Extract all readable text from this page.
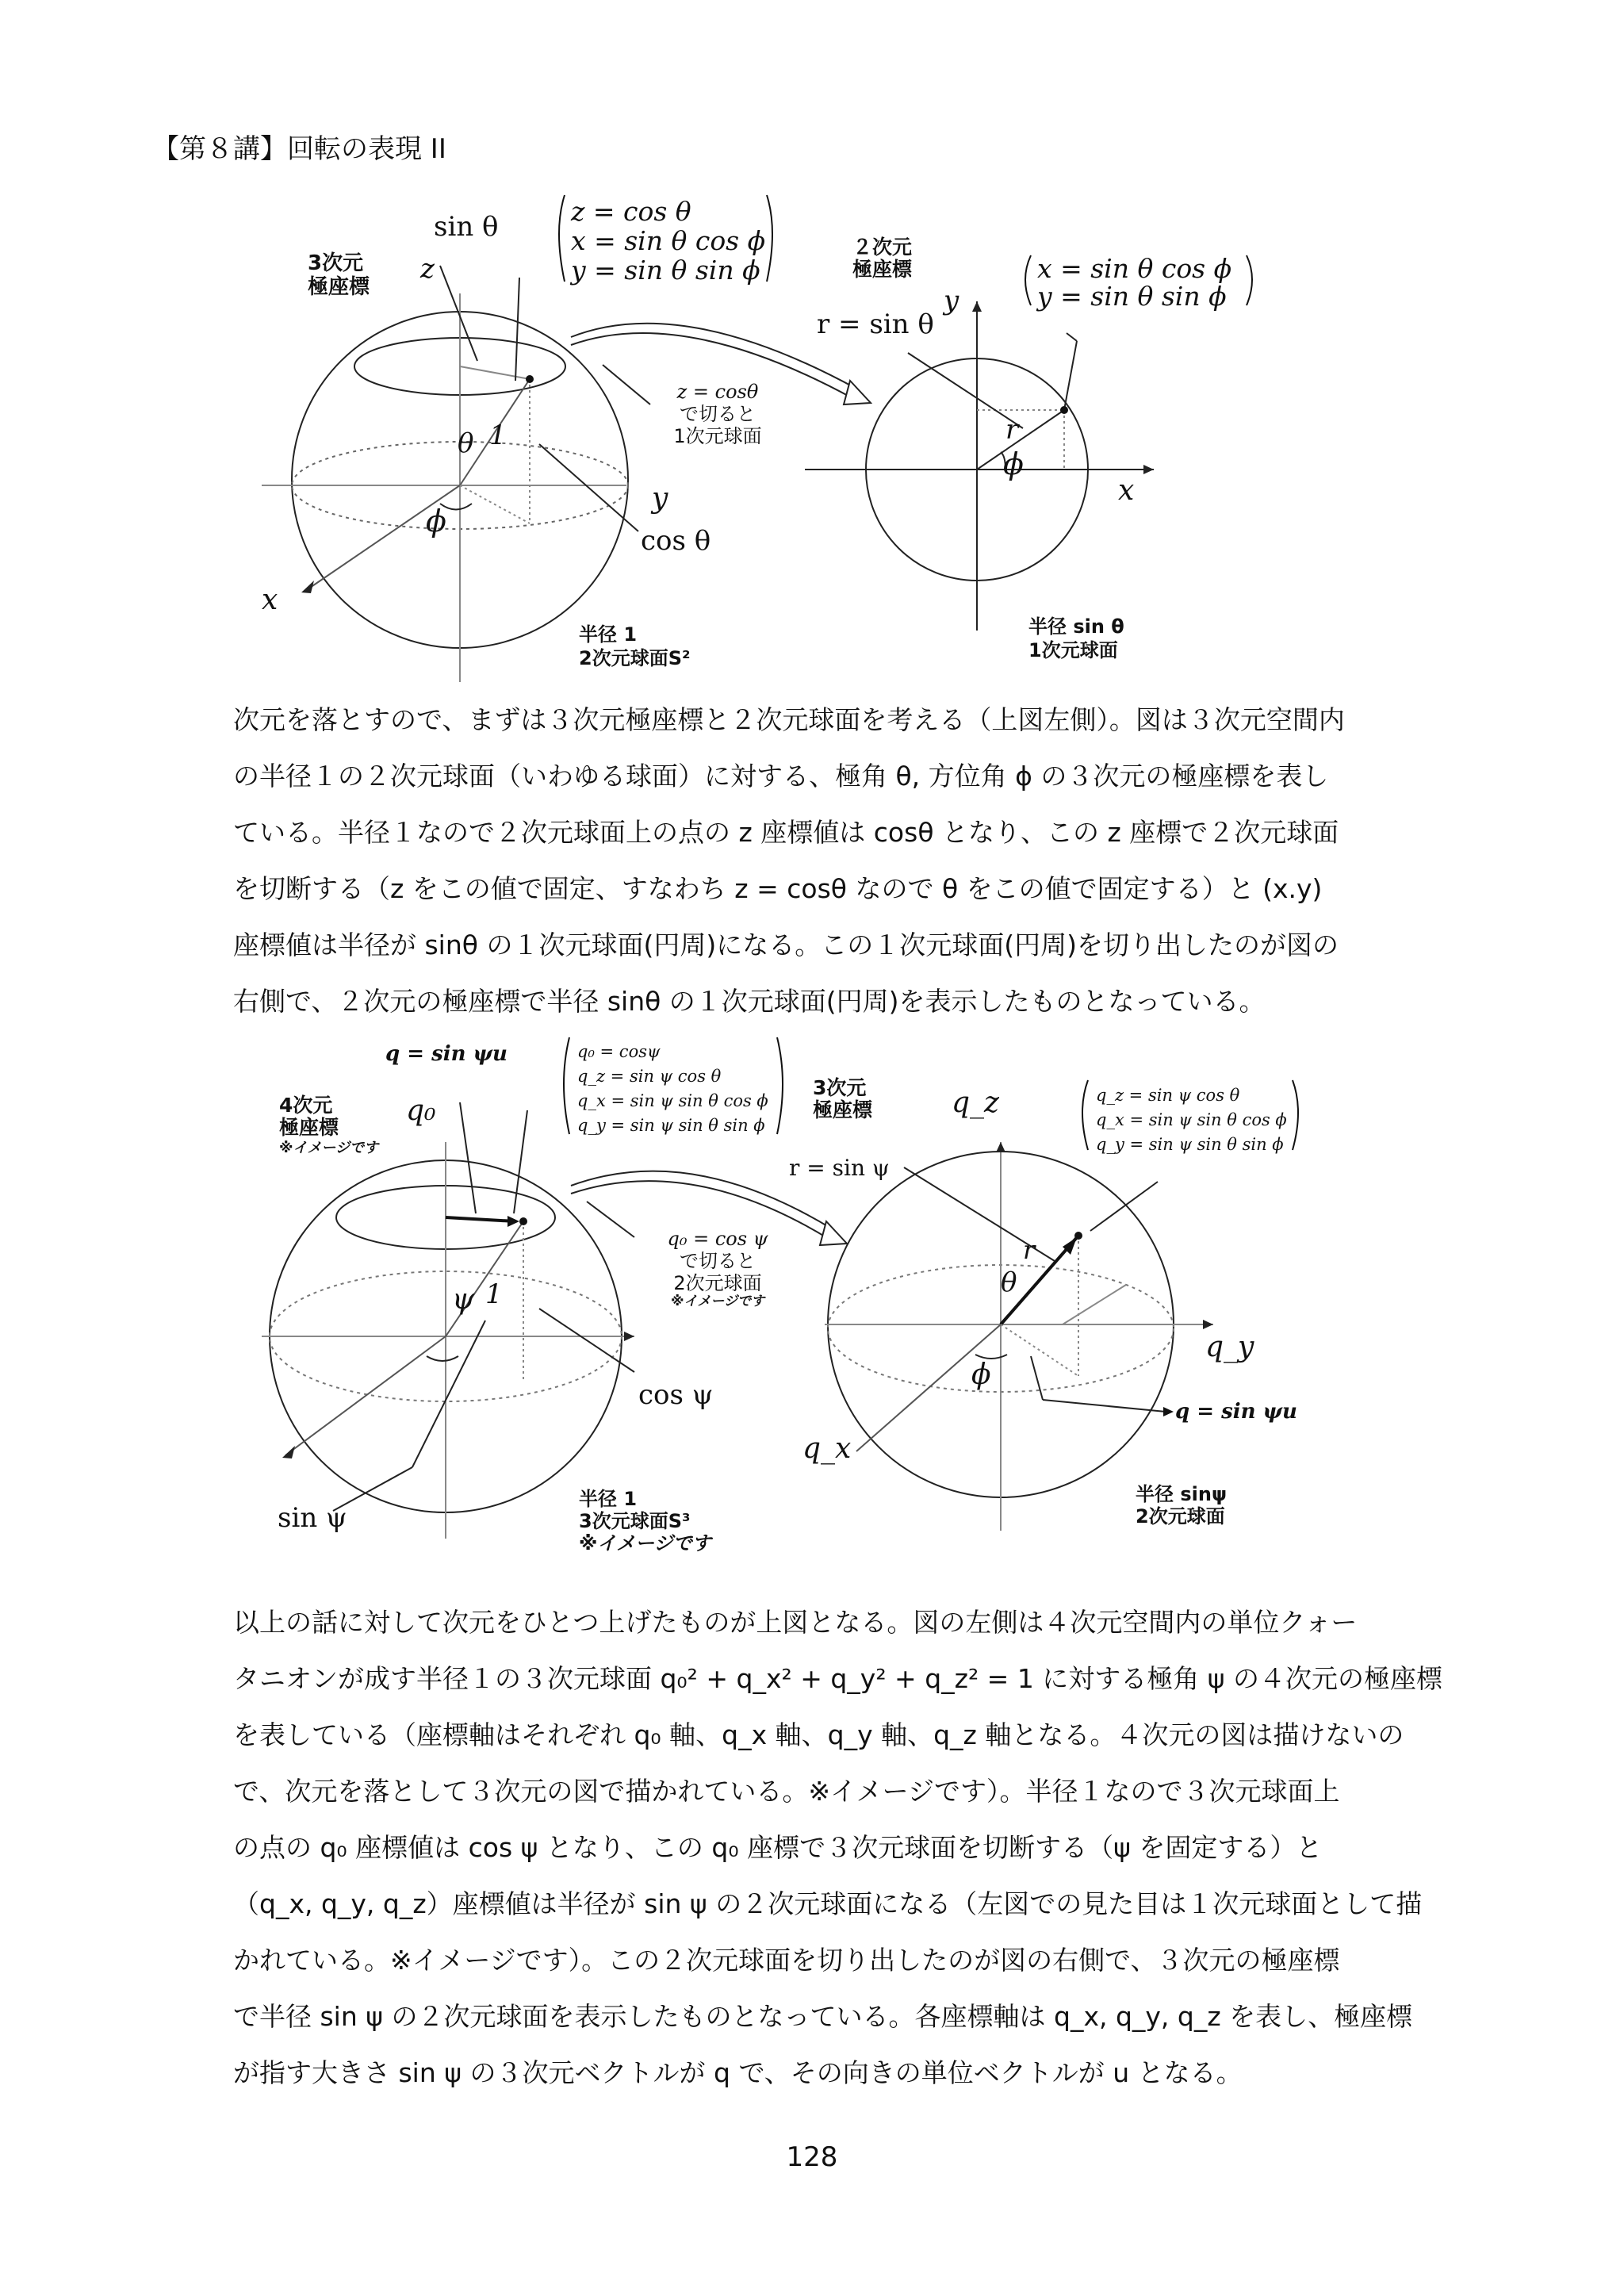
【第８講】回転の表現 II
3次元
極座標
sin θ
z
y
x
θ 1
ϕ
cos θ
z = cos θ
x = sin θ cos ϕ
y = sin θ sin ϕ
z = cosθ
で切ると
1次元球面
半径 1
2次元球面S²
２次元
極座標
y
x
r = sin θ
r
ϕ
x = sin θ cos ϕ
y = sin θ sin ϕ
半径 sin θ
1次元球面

次元を落とすので、まずは３次元極座標と２次元球面を考える（上図左側）。図は３次元空間内

の半径１の２次元球面（いわゆる球面）に対する、極角 θ, 方位角 ϕ の３次元の極座標を表し

ている。半径１なので２次元球面上の点の z 座標値は cosθ となり、この z 座標で２次元球面

を切断する（z をこの値で固定、すなわち z = cosθ なので θ をこの値で固定する）と (x.y)

座標値は半径が sinθ の１次元球面(円周)になる。この１次元球面(円周)を切り出したのが図の

右側で、２次元の極座標で半径 sinθ の１次元球面(円周)を表示したものとなっている。

q = sin ψu
4次元
極座標
※イメージです
q₀
ψ 1
cos ψ
sin ψ
q₀ = cosψ
q_z = sin ψ cos θ
q_x = sin ψ sin θ cos ϕ
q_y = sin ψ sin θ sin ϕ
q₀ = cos ψ
で切ると
2次元球面
※イメージです
半径 1
3次元球面S³
※イメージです
3次元
極座標	q_z
r = sin ψ
r
θ
ϕ
q_y
q_x
q = sin ψu
q_z = sin ψ cos θ
q_x = sin ψ sin θ cos ϕ
q_y = sin ψ sin θ sin ϕ
半径 sinψ
2次元球面

以上の話に対して次元をひとつ上げたものが上図となる。図の左側は４次元空間内の単位クォー

タニオンが成す半径１の３次元球面 q₀² + q_x² + q_y² + q_z² = 1 に対する極角 ψ の４次元の極座標

を表している（座標軸はそれぞれ q₀ 軸、q_x 軸、q_y 軸、q_z 軸となる。４次元の図は描けないの

で、次元を落として３次元の図で描かれている。※イメージです）。半径１なので３次元球面上

の点の q₀ 座標値は cos ψ となり、この q₀ 座標で３次元球面を切断する（ψ を固定する）と

（q_x, q_y, q_z）座標値は半径が sin ψ の２次元球面になる（左図での見た目は１次元球面として描

かれている。※イメージです）。この２次元球面を切り出したのが図の右側で、３次元の極座標

で半径 sin ψ の２次元球面を表示したものとなっている。各座標軸は q_x, q_y, q_z を表し、極座標

が指す大きさ sin ψ の３次元ベクトルが q で、その向きの単位ベクトルが u となる。

128
